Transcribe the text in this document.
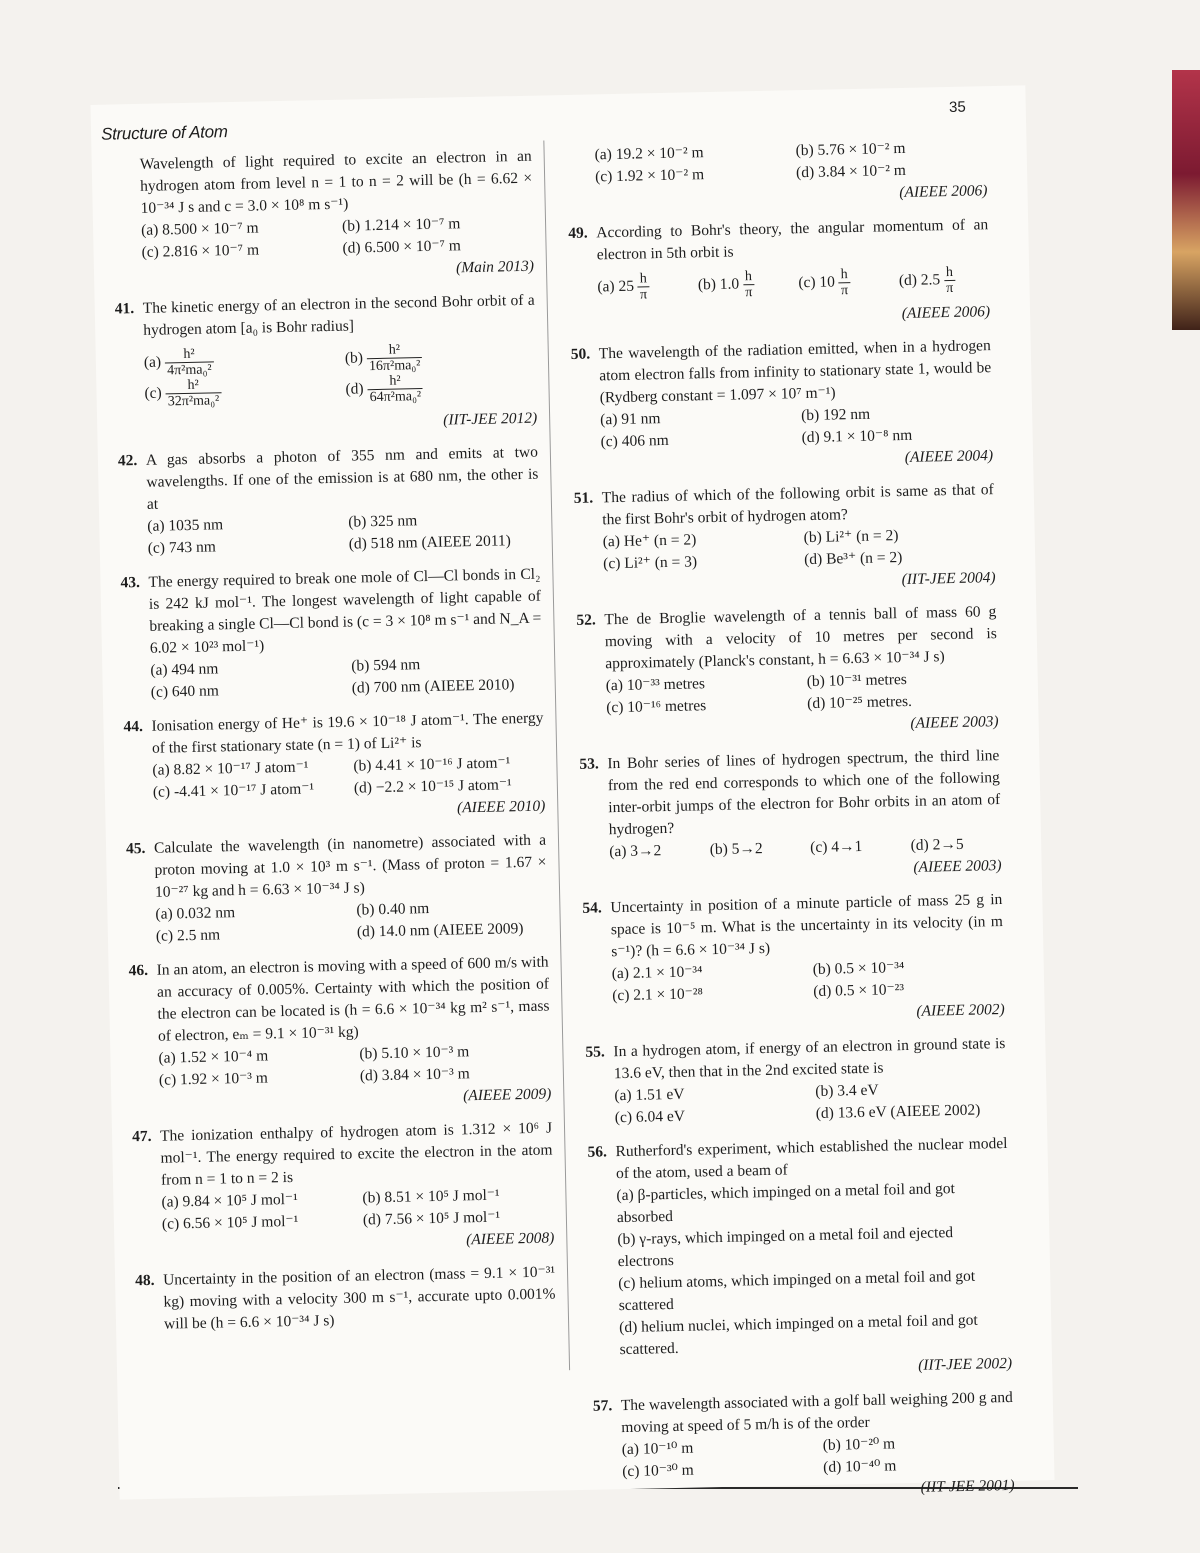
Structure of Atom
35
Wavelength of light required to excite an electron in an hydrogen atom from level n = 1 to n = 2 will be (h = 6.62 × 10⁻³⁴ J s and c = 3.0 × 10⁸ m s⁻¹)
(a) 8.500 × 10⁻⁷ m	(b) 1.214 × 10⁻⁷ m
(c) 2.816 × 10⁻⁷ m	(d) 6.500 × 10⁻⁷ m
(Main 2013)
41. The kinetic energy of an electron in the second Bohr orbit of a hydrogen atom [a₀ is Bohr radius]
$(a) \frac{\text{h²}}{\text{4π²ma₀²}}$	$(b) \frac{\text{h²}}{\text{16π²ma₀²}}$
$(c) \frac{\text{h²}}{\text{32π²ma₀²}}$	$(d) \frac{\text{h²}}{\text{64π²ma₀²}}$
(IIT-JEE 2012)
42. A gas absorbs a photon of 355 nm and emits at two wavelengths. If one of the emission is at 680 nm, the other is at
(a) 1035 nm	(b) 325 nm
(c) 743 nm	(d) 518 nm (AIEEE 2011)
43. The energy required to break one mole of Cl—Cl bonds in Cl₂ is 242 kJ mol⁻¹. The longest wavelength of light capable of breaking a single Cl—Cl bond is (c = 3 × 10⁸ m s⁻¹ and N_A = 6.02 × 10²³ mol⁻¹)
(a) 494 nm	(b) 594 nm
(c) 640 nm	(d) 700 nm (AIEEE 2010)
44. Ionisation energy of He⁺ is 19.6 × 10⁻¹⁸ J atom⁻¹. The energy of the first stationary state (n = 1) of Li²⁺ is
(a) 8.82 × 10⁻¹⁷ J atom⁻¹	(b) 4.41 × 10⁻¹⁶ J atom⁻¹
(c) -4.41 × 10⁻¹⁷ J atom⁻¹	(d) −2.2 × 10⁻¹⁵ J atom⁻¹
(AIEEE 2010)
45. Calculate the wavelength (in nanometre) associated with a proton moving at 1.0 × 10³ m s⁻¹. (Mass of proton = 1.67 × 10⁻²⁷ kg and h = 6.63 × 10⁻³⁴ J s)
(a) 0.032 nm	(b) 0.40 nm
(c) 2.5 nm	(d) 14.0 nm (AIEEE 2009)
46. In an atom, an electron is moving with a speed of 600 m/s with an accuracy of 0.005%. Certainty with which the position of the electron can be located is (h = 6.6 × 10⁻³⁴ kg m² s⁻¹, mass of electron, eₘ = 9.1 × 10⁻³¹ kg)
(a) 1.52 × 10⁻⁴ m	(b) 5.10 × 10⁻³ m
(c) 1.92 × 10⁻³ m	(d) 3.84 × 10⁻³ m
(AIEEE 2009)
47. The ionization enthalpy of hydrogen atom is 1.312 × 10⁶ J mol⁻¹. The energy required to excite the electron in the atom from n = 1 to n = 2 is
(a) 9.84 × 10⁵ J mol⁻¹	(b) 8.51 × 10⁵ J mol⁻¹
(c) 6.56 × 10⁵ J mol⁻¹	(d) 7.56 × 10⁵ J mol⁻¹
(AIEEE 2008)
48. Uncertainty in the position of an electron (mass = 9.1 × 10⁻³¹ kg) moving with a velocity 300 m s⁻¹, accurate upto 0.001% will be (h = 6.6 × 10⁻³⁴ J s)
(a) 19.2 × 10⁻² m	(b) 5.76 × 10⁻² m
(c) 1.92 × 10⁻² m	(d) 3.84 × 10⁻² m
(AIEEE 2006)
49. According to Bohr's theory, the angular momentum of an electron in 5th orbit is
(a) $25 \frac{h}{\pi}$	(b) $1.0 \frac{h}{\pi}$	(c) $10 \frac{h}{\pi}$	(d) $2.5 \frac{h}{\pi}$
(AIEEE 2006)
50. The wavelength of the radiation emitted, when in a hydrogen atom electron falls from infinity to stationary state 1, would be (Rydberg constant = 1.097 × 10⁷ m⁻¹)
(a) 91 nm	(b) 192 nm
(c) 406 nm	(d) 9.1 × 10⁻⁸ nm
(AIEEE 2004)
51. The radius of which of the following orbit is same as that of the first Bohr's orbit of hydrogen atom?
(a) He⁺ (n = 2)	(b) Li²⁺ (n = 2)
(c) Li²⁺ (n = 3)	(d) Be³⁺ (n = 2)
(IIT-JEE 2004)
52. The de Broglie wavelength of a tennis ball of mass 60 g moving with a velocity of 10 metres per second is approximately (Planck's constant, h = 6.63 × 10⁻³⁴ J s)
(a) 10⁻³³ metres	(b) 10⁻³¹ metres
(c) 10⁻¹⁶ metres	(d) 10⁻²⁵ metres.
(AIEEE 2003)
53. In Bohr series of lines of hydrogen spectrum, the third line from the red end corresponds to which one of the following inter-orbit jumps of the electron for Bohr orbits in an atom of hydrogen?
(a) 3→2	(b) 5→2	(c) 4→1	(d) 2→5
(AIEEE 2003)
54. Uncertainty in position of a minute particle of mass 25 g in space is 10⁻⁵ m. What is the uncertainty in its velocity (in m s⁻¹)? (h = 6.6 × 10⁻³⁴ J s)
(a) 2.1 × 10⁻³⁴	(b) 0.5 × 10⁻³⁴
(c) 2.1 × 10⁻²⁸	(d) 0.5 × 10⁻²³
(AIEEE 2002)
55. In a hydrogen atom, if energy of an electron in ground state is 13.6 eV, then that in the 2nd excited state is
(a) 1.51 eV	(b) 3.4 eV
(c) 6.04 eV	(d) 13.6 eV (AIEEE 2002)
56. Rutherford's experiment, which established the nuclear model of the atom, used a beam of
(a) β-particles, which impinged on a metal foil and got absorbed
(b) γ-rays, which impinged on a metal foil and ejected electrons
(c) helium atoms, which impinged on a metal foil and got scattered
(d) helium nuclei, which impinged on a metal foil and got scattered.
(IIT-JEE 2002)
57. The wavelength associated with a golf ball weighing 200 g and moving at speed of 5 m/h is of the order
(a) 10⁻¹⁰ m	(b) 10⁻²⁰ m
(c) 10⁻³⁰ m	(d) 10⁻⁴⁰ m
(IIT-JEE 2001)
